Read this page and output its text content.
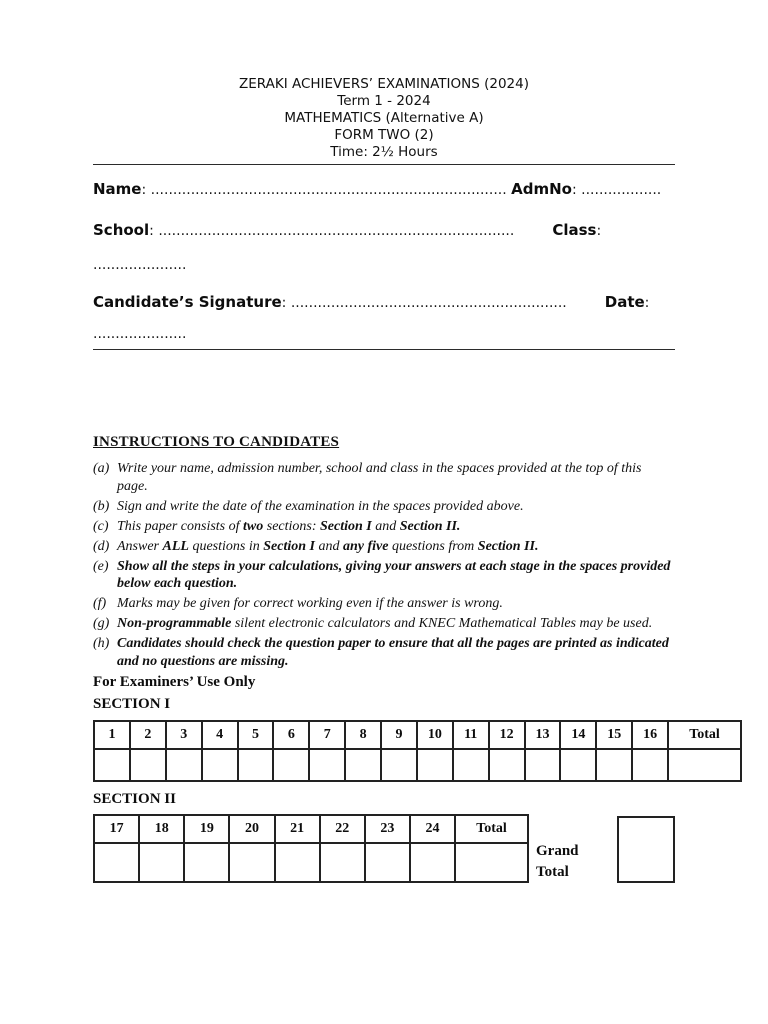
ZERAKI ACHIEVERS’ EXAMINATIONS (2024)
Term 1 - 2024
MATHEMATICS (Alternative A)
FORM TWO (2)
Time: 2½ Hours
Name: ................................................................................ AdmNo: ..................
School: ................................................................................	Class:
.....................
Candidate’s Signature: ..............................................................	Date:
.....................
INSTRUCTIONS TO CANDIDATES
(a) Write your name, admission number, school and class in the spaces provided at the top of this page.
(b) Sign and write the date of the examination in the spaces provided above.
(c) This paper consists of two sections: Section I and Section II.
(d) Answer ALL questions in Section I and any five questions from Section II.
(e) Show all the steps in your calculations, giving your answers at each stage in the spaces provided below each question.
(f) Marks may be given for correct working even if the answer is wrong.
(g) Non-programmable silent electronic calculators and KNEC Mathematical Tables may be used.
(h) Candidates should check the question paper to ensure that all the pages are printed as indicated and no questions are missing.
For Examiners’ Use Only
SECTION I
1	2	3	4	5	6	7	8	9	10	11	12	13	14	15	16	Total

SECTION II
17	18	19	20	21	22	23	24	Total

Grand
Total
